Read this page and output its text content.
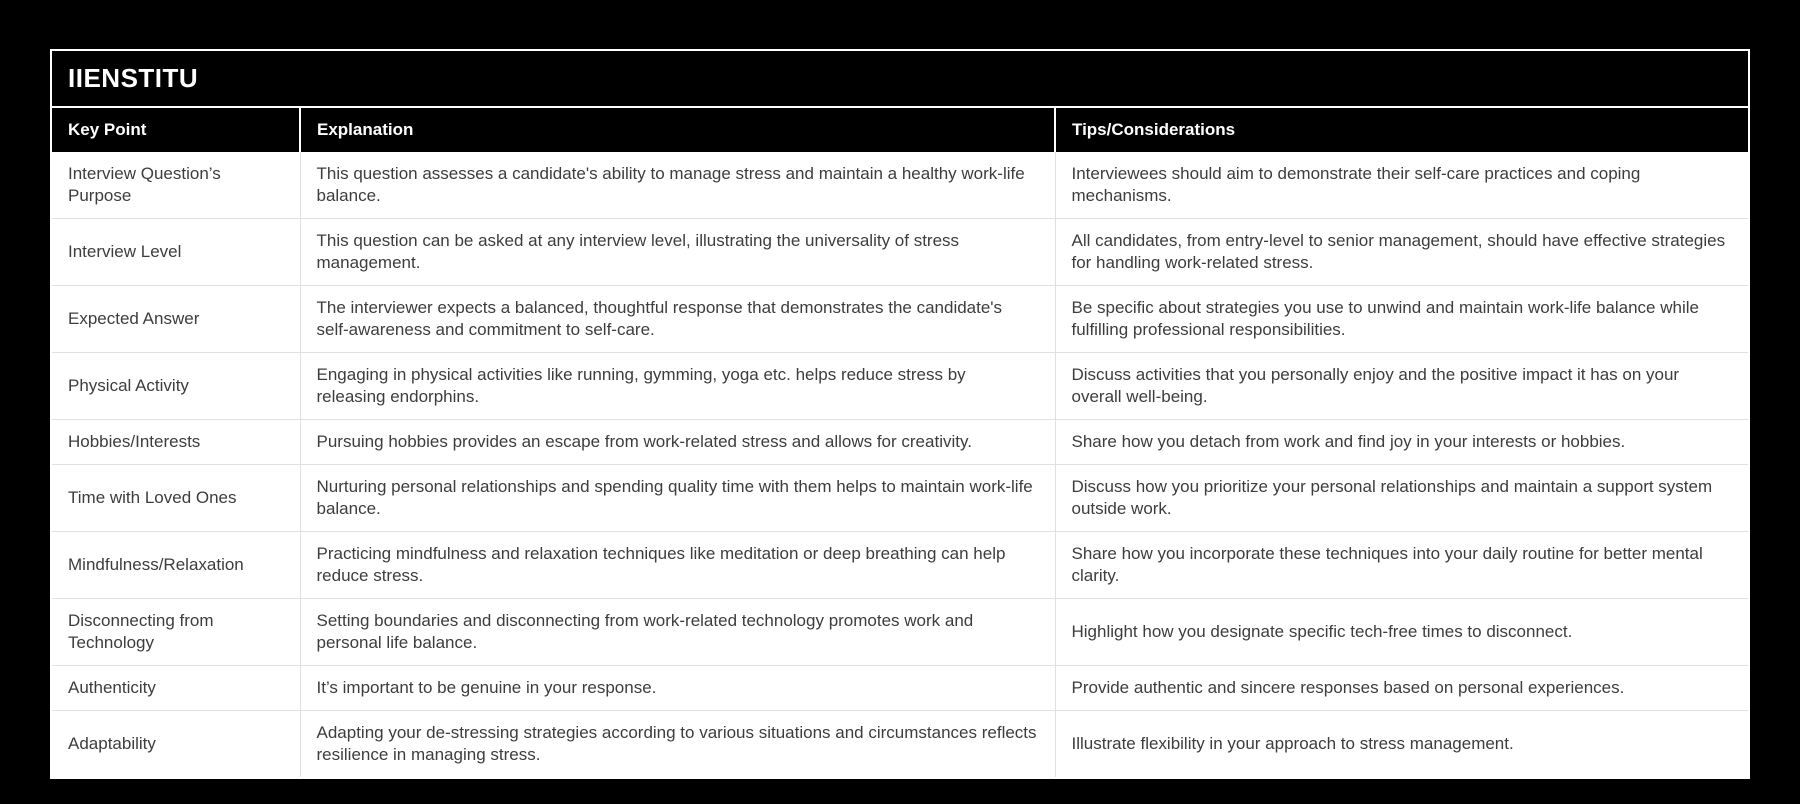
IIENSTITU
Key Point	Explanation	Tips/Considerations
Interview Question’s Purpose	This question assesses a candidate's ability to manage stress and maintain a healthy work-life balance.	Interviewees should aim to demonstrate their self-care practices and coping mechanisms.
Interview Level	This question can be asked at any interview level, illustrating the universality of stress management.	All candidates, from entry-level to senior management, should have effective strategies for handling work-related stress.
Expected Answer	The interviewer expects a balanced, thoughtful response that demonstrates the candidate's self-awareness and commitment to self-care.	Be specific about strategies you use to unwind and maintain work-life balance while fulfilling professional responsibilities.
Physical Activity	Engaging in physical activities like running, gymming, yoga etc. helps reduce stress by releasing endorphins.	Discuss activities that you personally enjoy and the positive impact it has on your overall well-being.
Hobbies/Interests	Pursuing hobbies provides an escape from work-related stress and allows for creativity.	Share how you detach from work and find joy in your interests or hobbies.
Time with Loved Ones	Nurturing personal relationships and spending quality time with them helps to maintain work-life balance.	Discuss how you prioritize your personal relationships and maintain a support system outside work.
Mindfulness/Relaxation	Practicing mindfulness and relaxation techniques like meditation or deep breathing can help reduce stress.	Share how you incorporate these techniques into your daily routine for better mental clarity.
Disconnecting from Technology	Setting boundaries and disconnecting from work-related technology promotes work and personal life balance.	Highlight how you designate specific tech-free times to disconnect.
Authenticity	It’s important to be genuine in your response.	Provide authentic and sincere responses based on personal experiences.
Adaptability	Adapting your de-stressing strategies according to various situations and circumstances reflects resilience in managing stress.	Illustrate flexibility in your approach to stress management.
